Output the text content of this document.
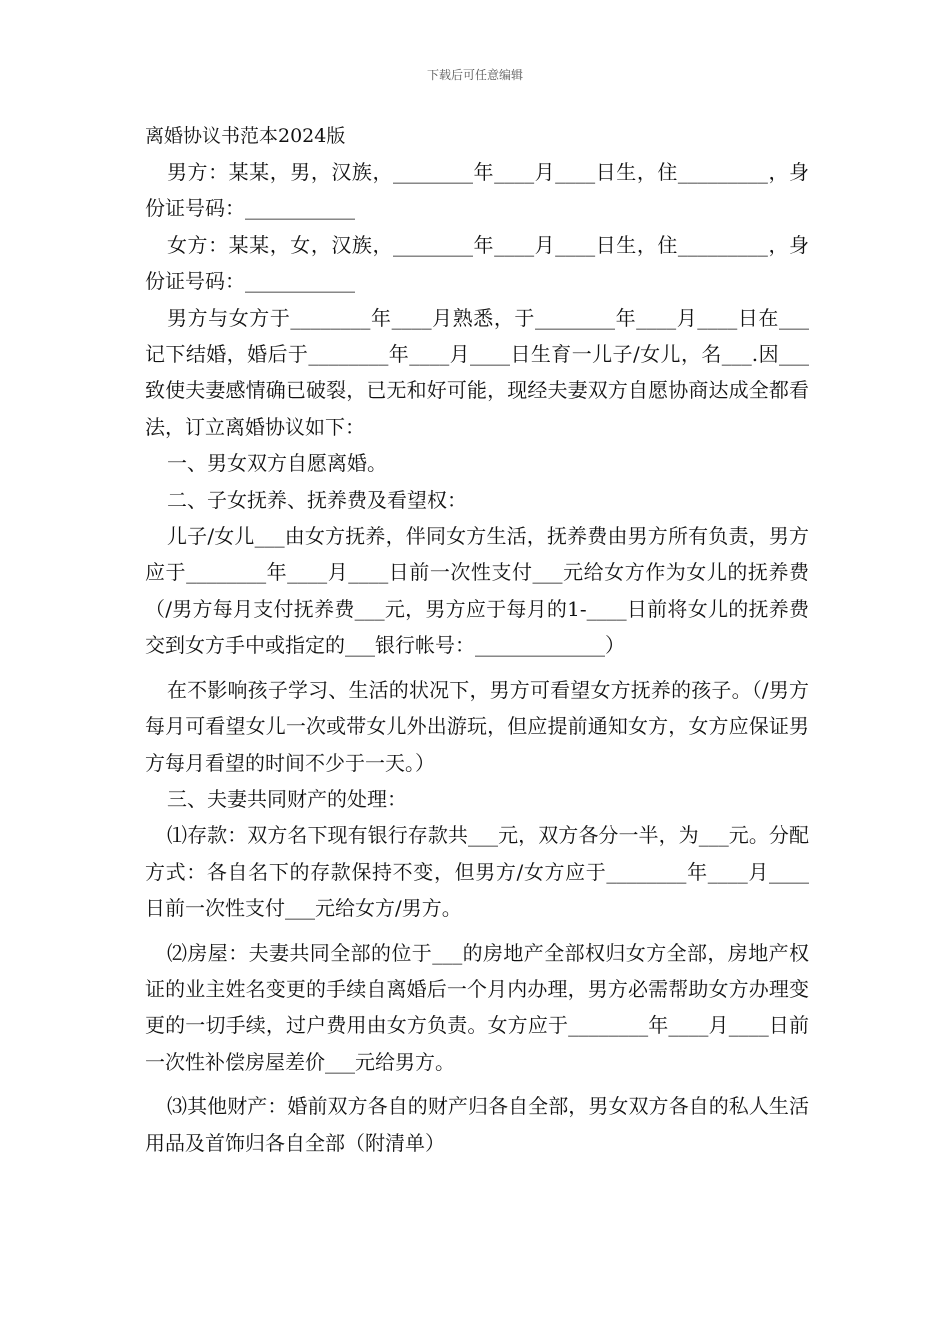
下载后可任意编辑
离婚协议书范本2024版

男方：某某，男，汉族，________年____月____日生，住_________，身份证号码：___________

女方：某某，女，汉族，________年____月____日生，住_________，身份证号码：___________

男方与女方于________年____月熟悉，于________年____月____日在___记下结婚，婚后于________年____月____日生育一儿子/女儿，名___.因___致使夫妻感情确已破裂，已无和好可能，现经夫妻双方自愿协商达成全都看法，订立离婚协议如下：

一、男女双方自愿离婚。

二、子女抚养、抚养费及看望权：

儿子/女儿___由女方抚养，伴同女方生活，抚养费由男方所有负责，男方应于________年____月____日前一次性支付___元给女方作为女儿的抚养费（/男方每月支付抚养费___元，男方应于每月的1-____日前将女儿的抚养费交到女方手中或指定的___银行帐号：_____________）

在不影响孩子学习、生活的状况下，男方可看望女方抚养的孩子。（/男方每月可看望女儿一次或带女儿外出游玩，但应提前通知女方，女方应保证男方每月看望的时间不少于一天。）

三、夫妻共同财产的处理：

⑴存款：双方名下现有银行存款共___元，双方各分一半，为___元。分配方式：各自名下的存款保持不变，但男方/女方应于________年____月____日前一次性支付___元给女方/男方。

⑵房屋：夫妻共同全部的位于___的房地产全部权归女方全部，房地产权证的业主姓名变更的手续自离婚后一个月内办理，男方必需帮助女方办理变更的一切手续，过户费用由女方负责。女方应于________年____月____日前一次性补偿房屋差价___元给男方。

⑶其他财产：婚前双方各自的财产归各自全部，男女双方各自的私人生活用品及首饰归各自全部（附清单）
